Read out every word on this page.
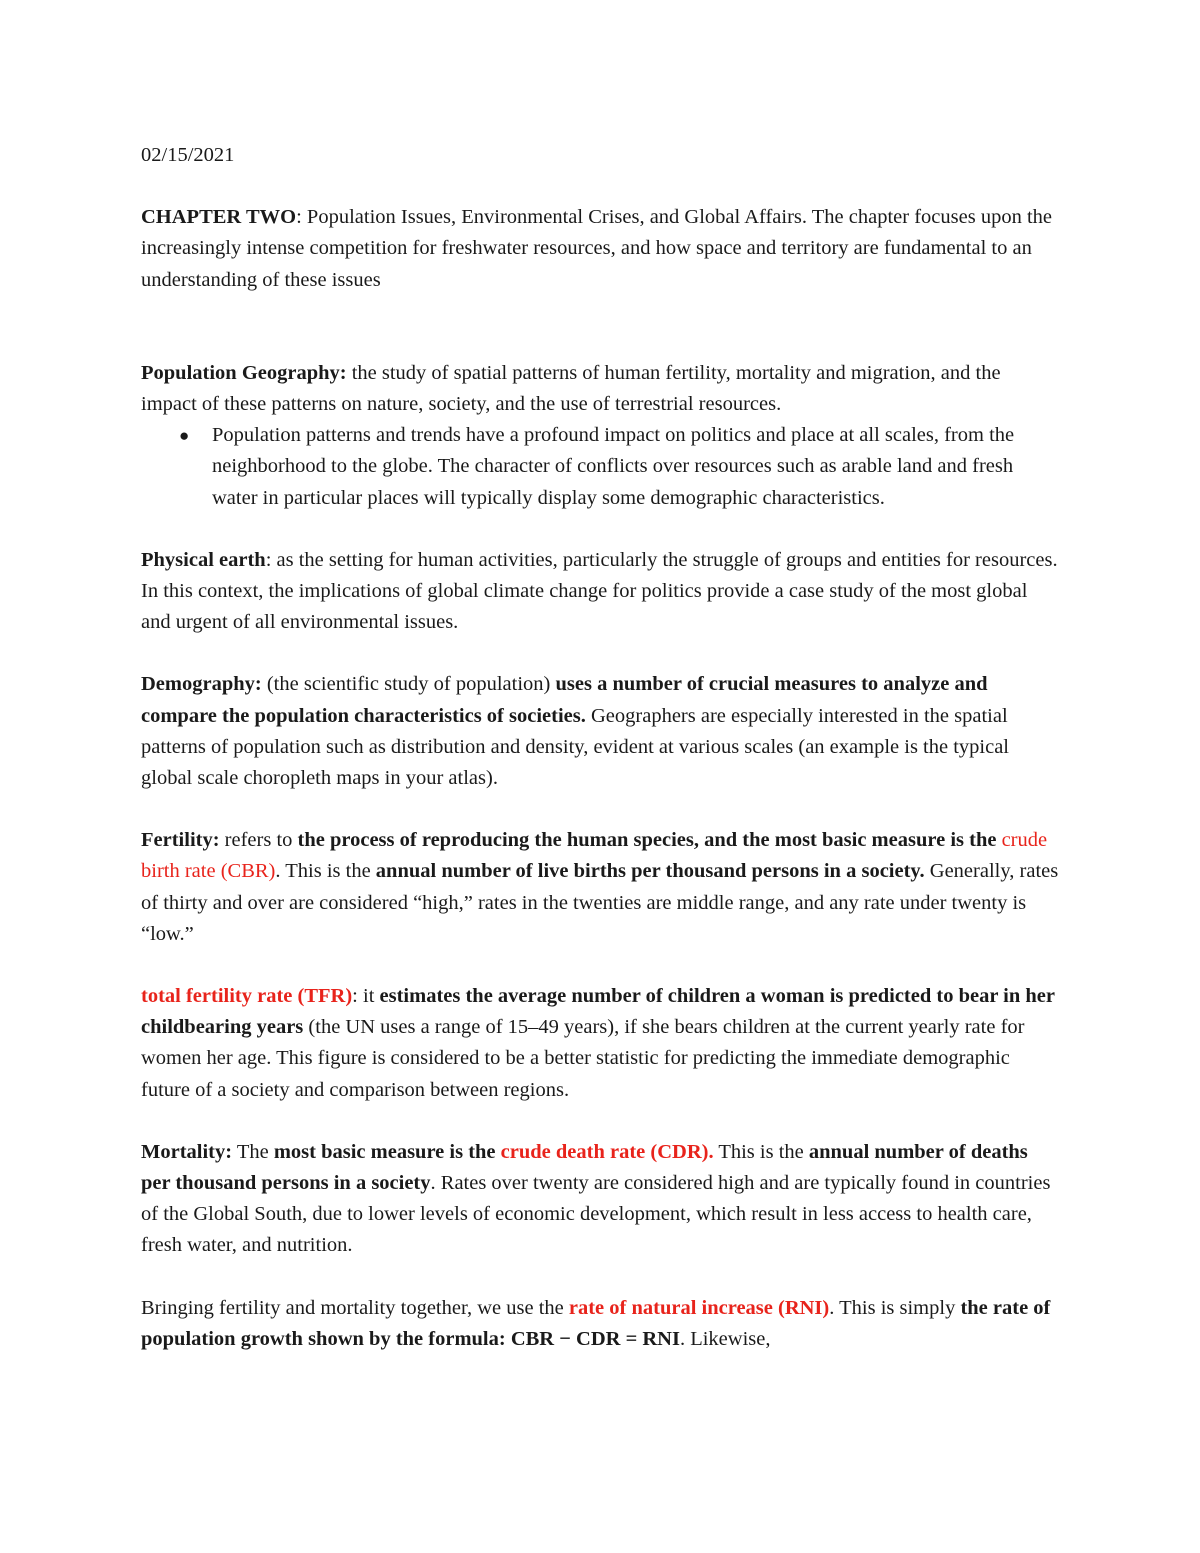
02/15/2021

CHAPTER TWO: Population Issues, Environmental Crises, and Global Affairs. The chapter focuses upon the increasingly intense competition for freshwater resources, and how space and territory are fundamental to an understanding of these issues

Population Geography: the study of spatial patterns of human fertility, mortality and migration, and the impact of these patterns on nature, society, and the use of terrestrial resources.

● Population patterns and trends have a profound impact on politics and place at all scales, from the neighborhood to the globe. The character of conflicts over resources such as arable land and fresh water in particular places will typically display some demographic characteristics.

Physical earth: as the setting for human activities, particularly the struggle of groups and entities for resources. In this context, the implications of global climate change for politics provide a case study of the most global and urgent of all environmental issues.

Demography: (the scientific study of population) uses a number of crucial measures to analyze and compare the population characteristics of societies. Geographers are especially interested in the spatial patterns of population such as distribution and density, evident at various scales (an example is the typical global scale choropleth maps in your atlas).

Fertility: refers to the process of reproducing the human species, and the most basic measure is the crude birth rate (CBR). This is the annual number of live births per thousand persons in a society. Generally, rates of thirty and over are considered “high,” rates in the twenties are middle range, and any rate under twenty is “low.”

total fertility rate (TFR): it estimates the average number of children a woman is predicted to bear in her childbearing years (the UN uses a range of 15–49 years), if she bears children at the current yearly rate for women her age. This figure is considered to be a better statistic for predicting the immediate demographic future of a society and comparison between regions.

Mortality: The most basic measure is the crude death rate (CDR). This is the annual number of deaths per thousand persons in a society. Rates over twenty are considered high and are typically found in countries of the Global South, due to lower levels of economic development, which result in less access to health care, fresh water, and nutrition.

Bringing fertility and mortality together, we use the rate of natural increase (RNI). This is simply the rate of population growth shown by the formula: CBR − CDR = RNI. Likewise,
